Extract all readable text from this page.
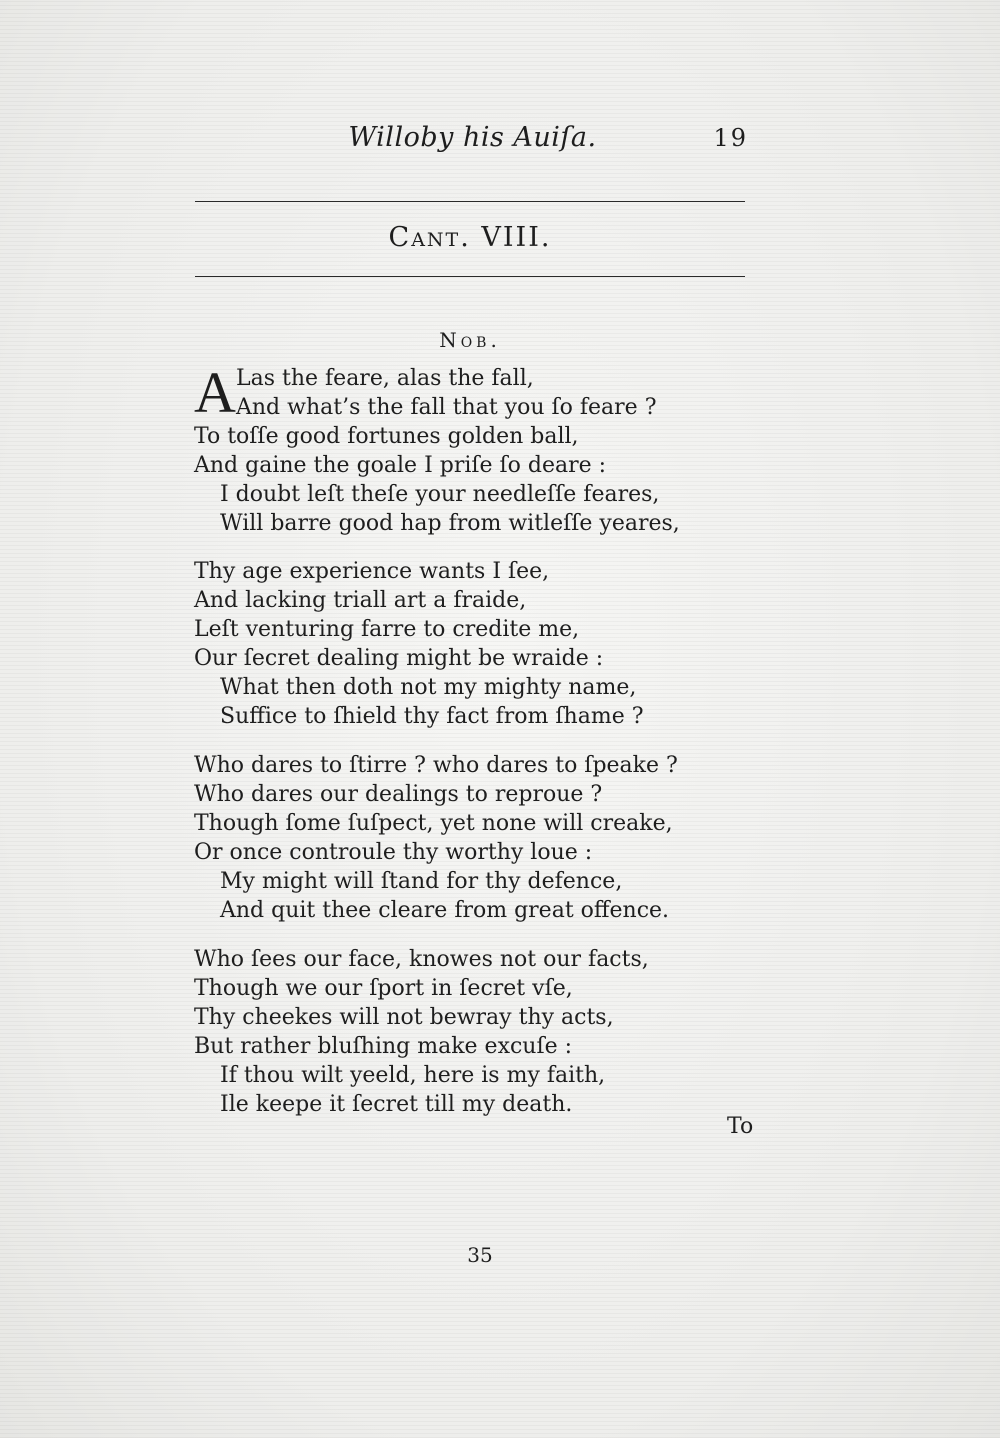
Willoby his Auiſa.	19
Cant. VIII.
Nob.
A Las the feare, alas the fall,
And what’s the fall that you ſo feare ?
To toſſe good fortunes golden ball,
And gaine the goale I priſe ſo deare :
I doubt leſt theſe your needleſſe feares,
Will barre good hap from witleſſe yeares,
Thy age experience wants I ſee,
And lacking triall art a fraide,
Leſt venturing farre to credite me,
Our ſecret dealing might be wraide :
What then doth not my mighty name,
Suffice to ſhield thy fact from ſhame ?
Who dares to ſtirre ? who dares to ſpeake ?
Who dares our dealings to reproue ?
Though ſome ſuſpect, yet none will creake,
Or once controule thy worthy loue :
My might will ſtand for thy defence,
And quit thee cleare from great offence.
Who ſees our face, knowes not our facts,
Though we our ſport in ſecret vſe,
Thy cheekes will not bewray thy acts,
But rather bluſhing make excuſe :
If thou wilt yeeld, here is my faith,
Ile keepe it ſecret till my death.
To
35
